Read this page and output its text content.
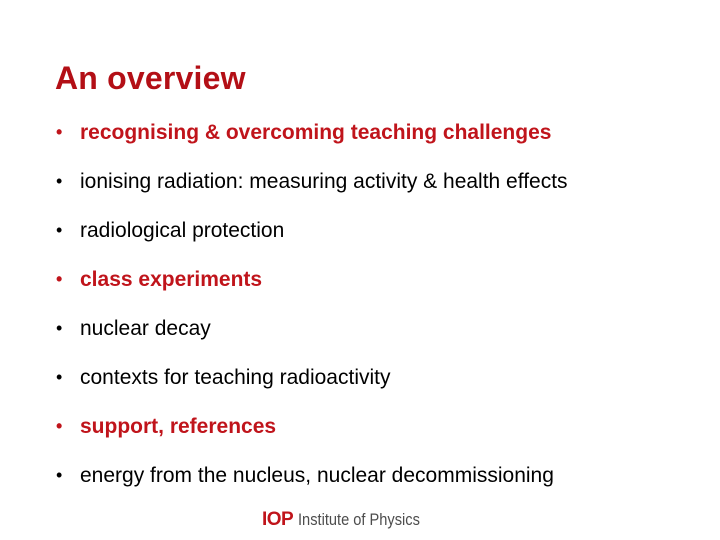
An overview
• recognising & overcoming teaching challenges
• ionising radiation: measuring activity & health effects
• radiological protection
• class experiments
• nuclear decay
• contexts for teaching radioactivity
• support, references
• energy from the nucleus, nuclear decommissioning
IOP Institute of Physics
